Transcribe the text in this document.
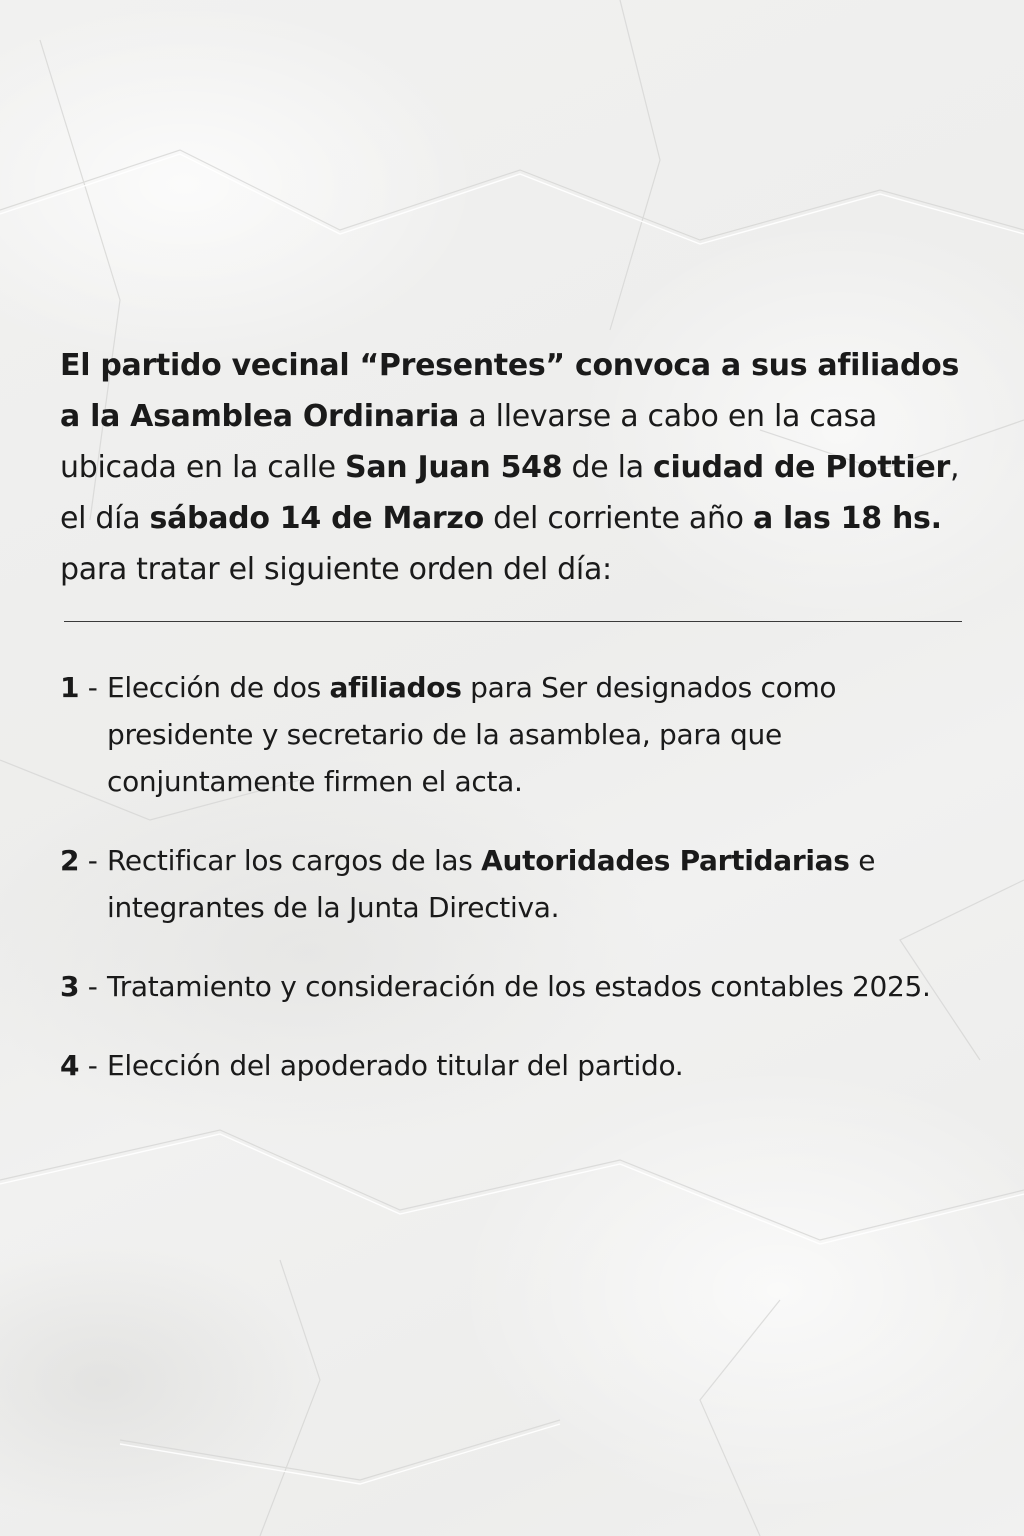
El partido vecinal “Presentes” convoca a sus afiliados a la Asamblea Ordinaria a llevarse a cabo en la casa ubicada en la calle San Juan 548 de la ciudad de Plottier, el día sábado 14 de Marzo del corriente año a las 18 hs. para tratar el siguiente orden del día:

1 - Elección de dos afiliados para Ser designados como presidente y secretario de la asamblea, para que conjuntamente firmen el acta.
2 - Rectificar los cargos de las Autoridades Partidarias e integrantes de la Junta Directiva.
3 - Tratamiento y consideración de los estados contables 2025.
4 - Elección del apoderado titular del partido.
